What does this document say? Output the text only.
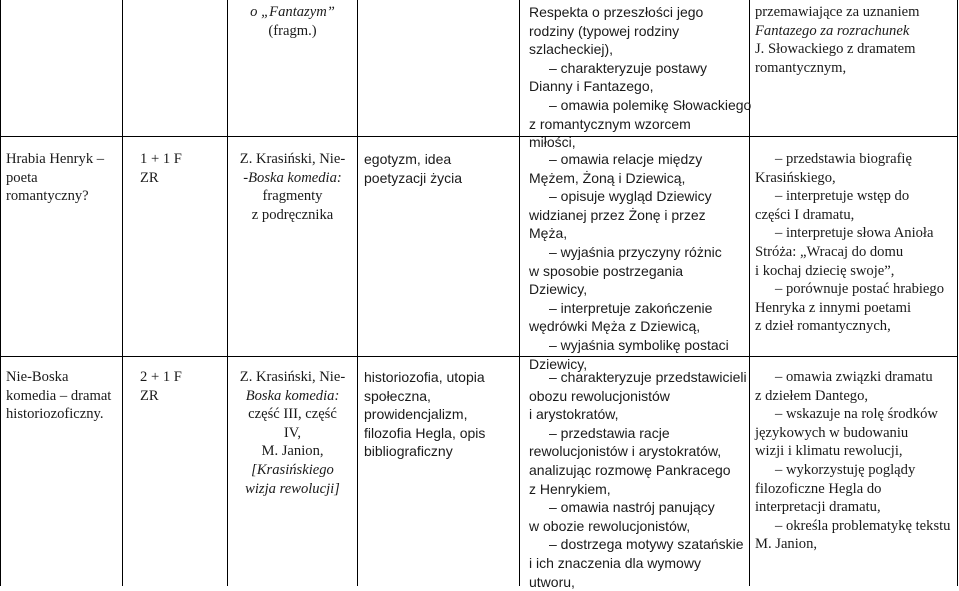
o „Fantazym”
(fragm.)
Respekta o przeszłości jego
rodziny (typowej rodziny
szlacheckiej),
– charakteryzuje postawy
Dianny i Fantazego,
– omawia polemikę Słowackiego
z romantycznym wzorcem
miłości,
przemawiające za uznaniem
Fantazego za rozrachunek
J. Słowackiego z dramatem
romantycznym,
Hrabia Henryk –
poeta
romantyczny?
1 + 1 F
ZR
Z. Krasiński, Nie-
-Boska komedia:
fragmenty
z podręcznika
egotyzm, idea
poetyzacji życia
– omawia relacje między
Mężem, Żoną i Dziewicą,
– opisuje wygląd Dziewicy
widzianej przez Żonę i przez
Męża,
– wyjaśnia przyczyny różnic
w sposobie postrzegania
Dziewicy,
– interpretuje zakończenie
wędrówki Męża z Dziewicą,
– wyjaśnia symbolikę postaci
Dziewicy,
– przedstawia biografię
Krasińskiego,
– interpretuje wstęp do
części I dramatu,
– interpretuje słowa Anioła
Stróża: „Wracaj do domu
i kochaj dziecię swoje”,
– porównuje postać hrabiego
Henryka z innymi poetami
z dzieł romantycznych,
Nie-Boska
komedia – dramat
historiozoficzny.
2 + 1 F
ZR
Z. Krasiński, Nie-
Boska komedia:
część III, część
IV,
M. Janion,
[Krasińskiego
wizja rewolucji]
historiozofia, utopia
społeczna,
prowidencjalizm,
filozofia Hegla, opis
bibliograficzny
– charakteryzuje przedstawicieli
obozu rewolucjonistów
i arystokratów,
– przedstawia racje
rewolucjonistów i arystokratów,
analizując rozmowę Pankracego
z Henrykiem,
– omawia nastrój panujący
w obozie rewolucjonistów,
– dostrzega motywy szatańskie
i ich znaczenia dla wymowy
utworu,
– omawia związki dramatu
z dziełem Dantego,
– wskazuje na rolę środków
językowych w budowaniu
wizji i klimatu rewolucji,
– wykorzystuję poglądy
filozoficzne Hegla do
interpretacji dramatu,
– określa problematykę tekstu
M. Janion,
